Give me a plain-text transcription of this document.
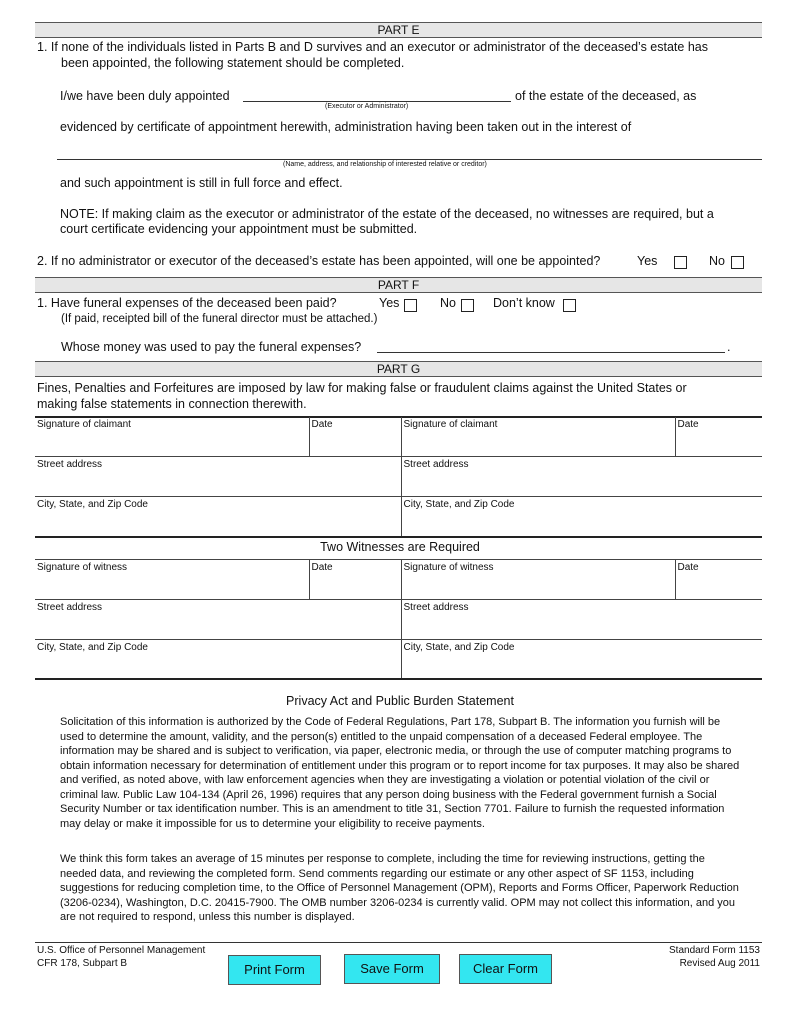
PART E
1. If none of the individuals listed in Parts B and D survives and an executor or administrator of the deceased’s estate has
been appointed, the following statement should be completed.
I/we have been duly appointed
(Executor or Administrator)
of the estate of the deceased, as
evidenced by certificate of appointment herewith, administration having been taken out in the interest of
(Name, address, and relationship of interested relative or creditor)
and such appointment is still in full force and effect.
NOTE: If making claim as the executor or administrator of the estate of the deceased, no witnesses are required, but a
court certificate evidencing your appointment must be submitted.
2. If no administrator or executor of the deceased’s estate has been appointed, will one be appointed?	Yes	No
PART F
1. Have funeral expenses of the deceased been paid?	Yes	No	Don’t know
(If paid, receipted bill of the funeral director must be attached.)
Whose money was used to pay the funeral expenses?	.
PART G
Fines, Penalties and Forfeitures are imposed by law for making false or fraudulent claims against the United States or
making false statements in connection therewith.
Signature of claimant	Date	Signature of claimant	Date
Street address		Street address	
City, State, and Zip Code		City, State, and Zip Code	
Two Witnesses are Required
Signature of witness	Date	Signature of witness	Date
Street address		Street address	
City, State, and Zip Code		City, State, and Zip Code	
Privacy Act and Public Burden Statement
Solicitation of this information is authorized by the Code of Federal Regulations, Part 178, Subpart B. The information you furnish will be used to determine the amount, validity, and the person(s) entitled to the unpaid compensation of a deceased Federal employee. The information may be shared and is subject to verification, via paper, electronic media, or through the use of computer matching programs to obtain information necessary for determination of entitlement under this program or to report income for tax purposes. It may also be shared and verified, as noted above, with law enforcement agencies when they are investigating a violation or potential violation of the civil or criminal law. Public Law 104-134 (April 26, 1996) requires that any person doing business with the Federal government furnish a Social Security Number or tax identification number. This is an amendment to title 31, Section 7701. Failure to furnish the requested information may delay or make it impossible for us to determine your eligibility to receive payments.
We think this form takes an average of 15 minutes per response to complete, including the time for reviewing instructions, getting the needed data, and reviewing the completed form. Send comments regarding our estimate or any other aspect of SF 1153, including suggestions for reducing completion time, to the Office of Personnel Management (OPM), Reports and Forms Officer, Paperwork Reduction (3206-0234), Washington, D.C. 20415-7900. The OMB number 3206-0234 is currently valid. OPM may not collect this information, and you are not required to respond, unless this number is displayed.
U.S. Office of Personnel Management
CFR 178, Subpart B
Standard Form 1153
Revised Aug 2011
Print Form	Save Form	Clear Form
